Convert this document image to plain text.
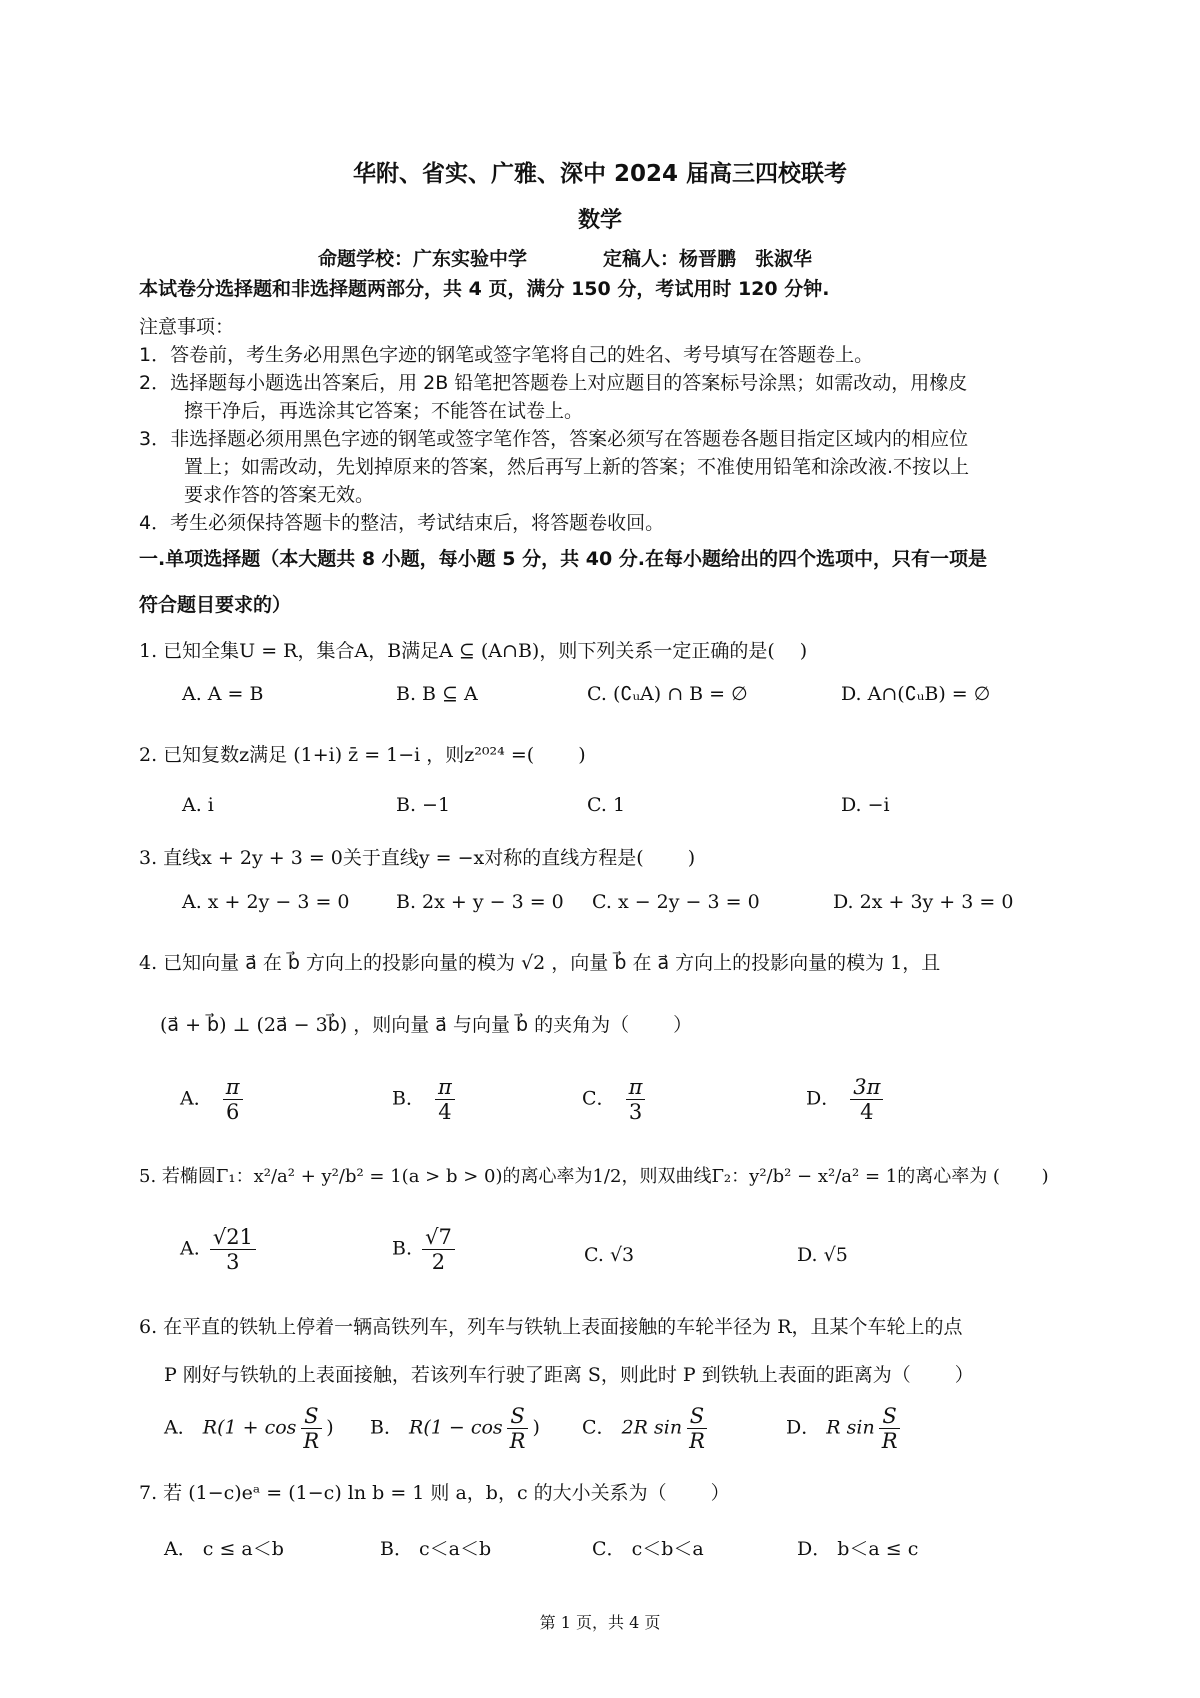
华附、省实、广雅、深中 2024 届高三四校联考
数学
命题学校：广东实验中学　　　　定稿人：杨晋鹏　张淑华
本试卷分选择题和非选择题两部分，共 4 页，满分 150 分，考试用时 120 分钟.
注意事项：
1．答卷前，考生务必用黑色字迹的钢笔或签字笔将自己的姓名、考号填写在答题卷上。
2．选择题每小题选出答案后，用 2B 铅笔把答题卷上对应题目的答案标号涂黑；如需改动，用橡皮
擦干净后，再选涂其它答案；不能答在试卷上。
3．非选择题必须用黑色字迹的钢笔或签字笔作答，答案必须写在答题卷各题目指定区域内的相应位
置上；如需改动，先划掉原来的答案，然后再写上新的答案；不准使用铅笔和涂改液.不按以上
要求作答的答案无效。
4．考生必须保持答题卡的整洁，考试结束后，将答题卷收回。
一.单项选择题（本大题共 8 小题，每小题 5 分，共 40 分.在每小题给出的四个选项中，只有一项是
符合题目要求的）
1. 已知全集U = R，集合A，B满足A ⊆ (A∩B)，则下列关系一定正确的是(　 )
A. A = B	B. B ⊆ A	C. (∁ᵤA) ∩ B = ∅	D. A∩(∁ᵤB) = ∅
2. 已知复数z满足 (1+i) z̄ = 1−i ，则z²⁰²⁴ =(　　 )
A. i	B. −1	C. 1	D. −i
3. 直线x + 2y + 3 = 0关于直线y = −x对称的直线方程是(　　 )
A. x + 2y − 3 = 0 B. 2x + y − 3 = 0 C. x − 2y − 3 = 0	D. 2x + 3y + 3 = 0
4. 已知向量 a⃗ 在 b⃗ 方向上的投影向量的模为 √2 ，向量 b⃗ 在 a⃗ 方向上的投影向量的模为 1，且
(a⃗ + b⃗) ⊥ (2a⃗ − 3b⃗) ，则向量 a⃗ 与向量 b⃗ 的夹角为（　　 ）
A． $\frac{\pi}{6}$	B． $\frac{\pi}{4}$	C． $\frac{\pi}{3}$	D． $\frac{3\pi}{4}$
5. 若椭圆Γ₁：x²/a² + y²/b² = 1(a > b > 0)的离心率为1/2，则双曲线Γ₂：y²/b² − x²/a² = 1的离心率为 (　　 )
A. $\frac{√21}{3}$	B. $\frac{√7}{2}$	C. √3	D. √5
6. 在平直的铁轨上停着一辆高铁列车，列车与铁轨上表面接触的车轮半径为 R，且某个车轮上的点
P 刚好与铁轨的上表面接触，若该列车行驶了距离 S，则此时 P 到铁轨上表面的距离为（　　 ）
A． $R(1 + \cos \frac{S}{R}$ ) B． $R(1 - \cos \frac{S}{R}$ ) C． 2R $\sin \frac{S}{R}$	D． R $\sin \frac{S}{R}$
7. 若 (1−c)eᵃ = (1−c) ln b = 1 则 a，b，c 的大小关系为（　　 ）
A． c ≤ a＜b	B． c＜a＜b	C． c＜b＜a	D． b＜a ≤ c
第 1 页，共 4 页
